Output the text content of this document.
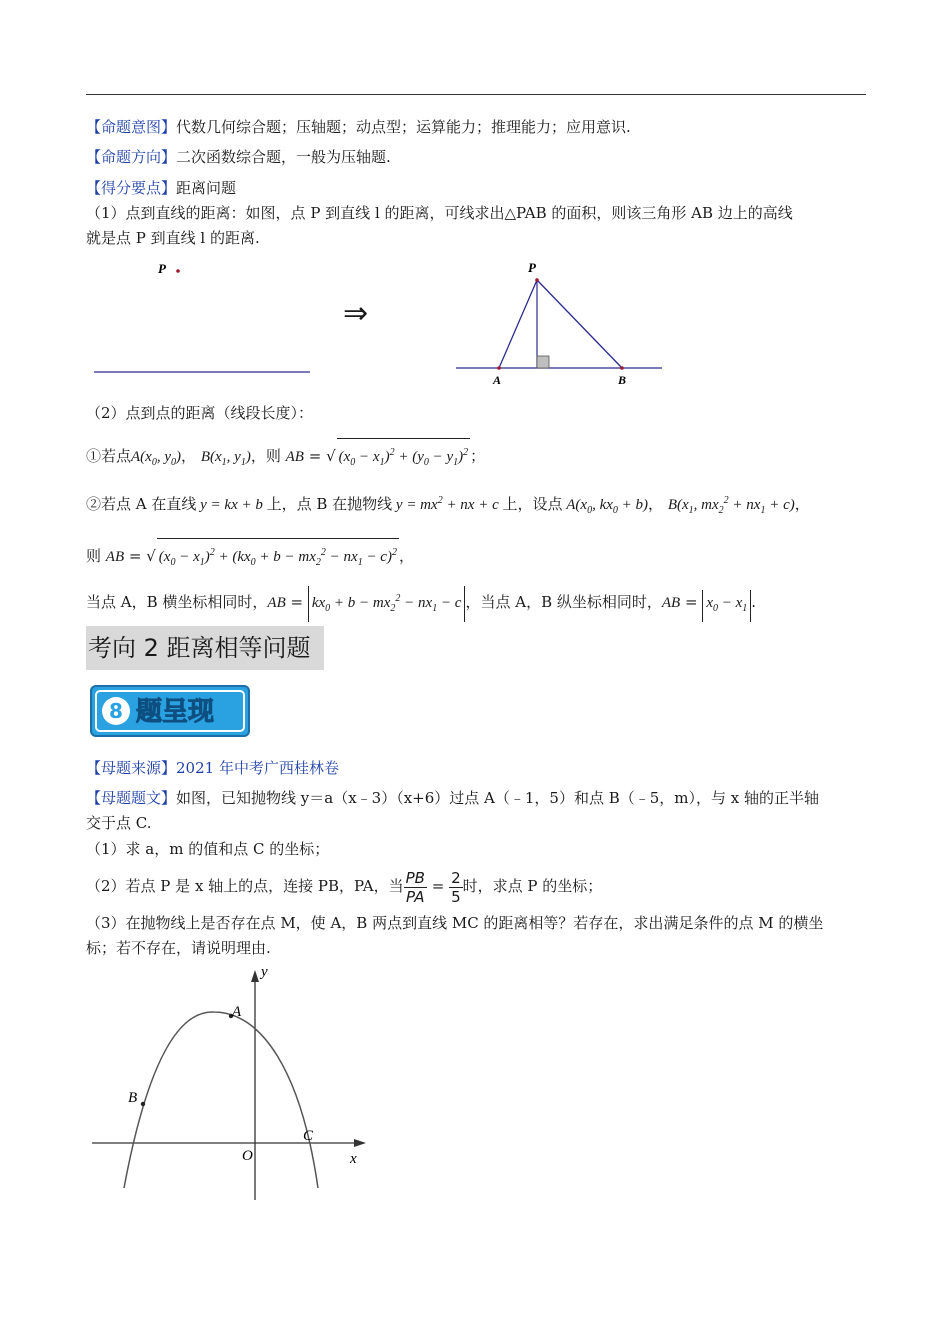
【命题意图】代数几何综合题；压轴题；动点型；运算能力；推理能力；应用意识.
【命题方向】二次函数综合题，一般为压轴题.
【得分要点】距离问题
（1）点到直线的距离：如图，点 P 到直线 l 的距离，可线求出△PAB 的面积，则该三角形 AB 边上的高线
就是点 P 到直线 l 的距离.
P
⇒
P
A	B
（2）点到点的距离（线段长度）：
①若点$A(x_0$, $y_0$)， $B(x_1$, $y_1$)，则 AB = √ $(x_0 - x_1)^2 + (y_0 - y_1)^2$ ；
②若点 A 在直线 y = kx + b 上，点 B 在抛物线 $y = mx^2$ + nx + c 上，设点 $A(x_0$, $kx_0 + b$)， $B(x_1$, $mx_2^2 + nx_1 + c$)，
则 AB = √ $(x_0 - x_1)^2 + (kx_0 + b - mx_2^2 - nx_1 - c)^2$ ，
当点 A，B 横坐标相同时，AB = $kx_0 + b - mx_2^2 - nx_1 - c$ ，当点 A，B 纵坐标相同时，AB = $x_0 - x_1$ .
考向 2 距离相等问题
8 题呈现
【母题来源】2021 年中考广西桂林卷
【母题题文】如图，已知抛物线 y＝a（x﹣3）（x+6）过点 A（﹣1，5）和点 B（﹣5，m），与 x 轴的正半轴
交于点 C.
（1）求 a，m 的值和点 C 的坐标；
（2）若点 P 是 x 轴上的点，连接 PB，PA，当 $\frac{PB}{PA} = \frac{2}{5}$ 时，求点 P 的坐标；
（3）在抛物线上是否存在点 M，使 A，B 两点到直线 MC 的距离相等？若存在，求出满足条件的点 M 的横坐
标；若不存在，请说明理由.
y
x
A
B
C
O
